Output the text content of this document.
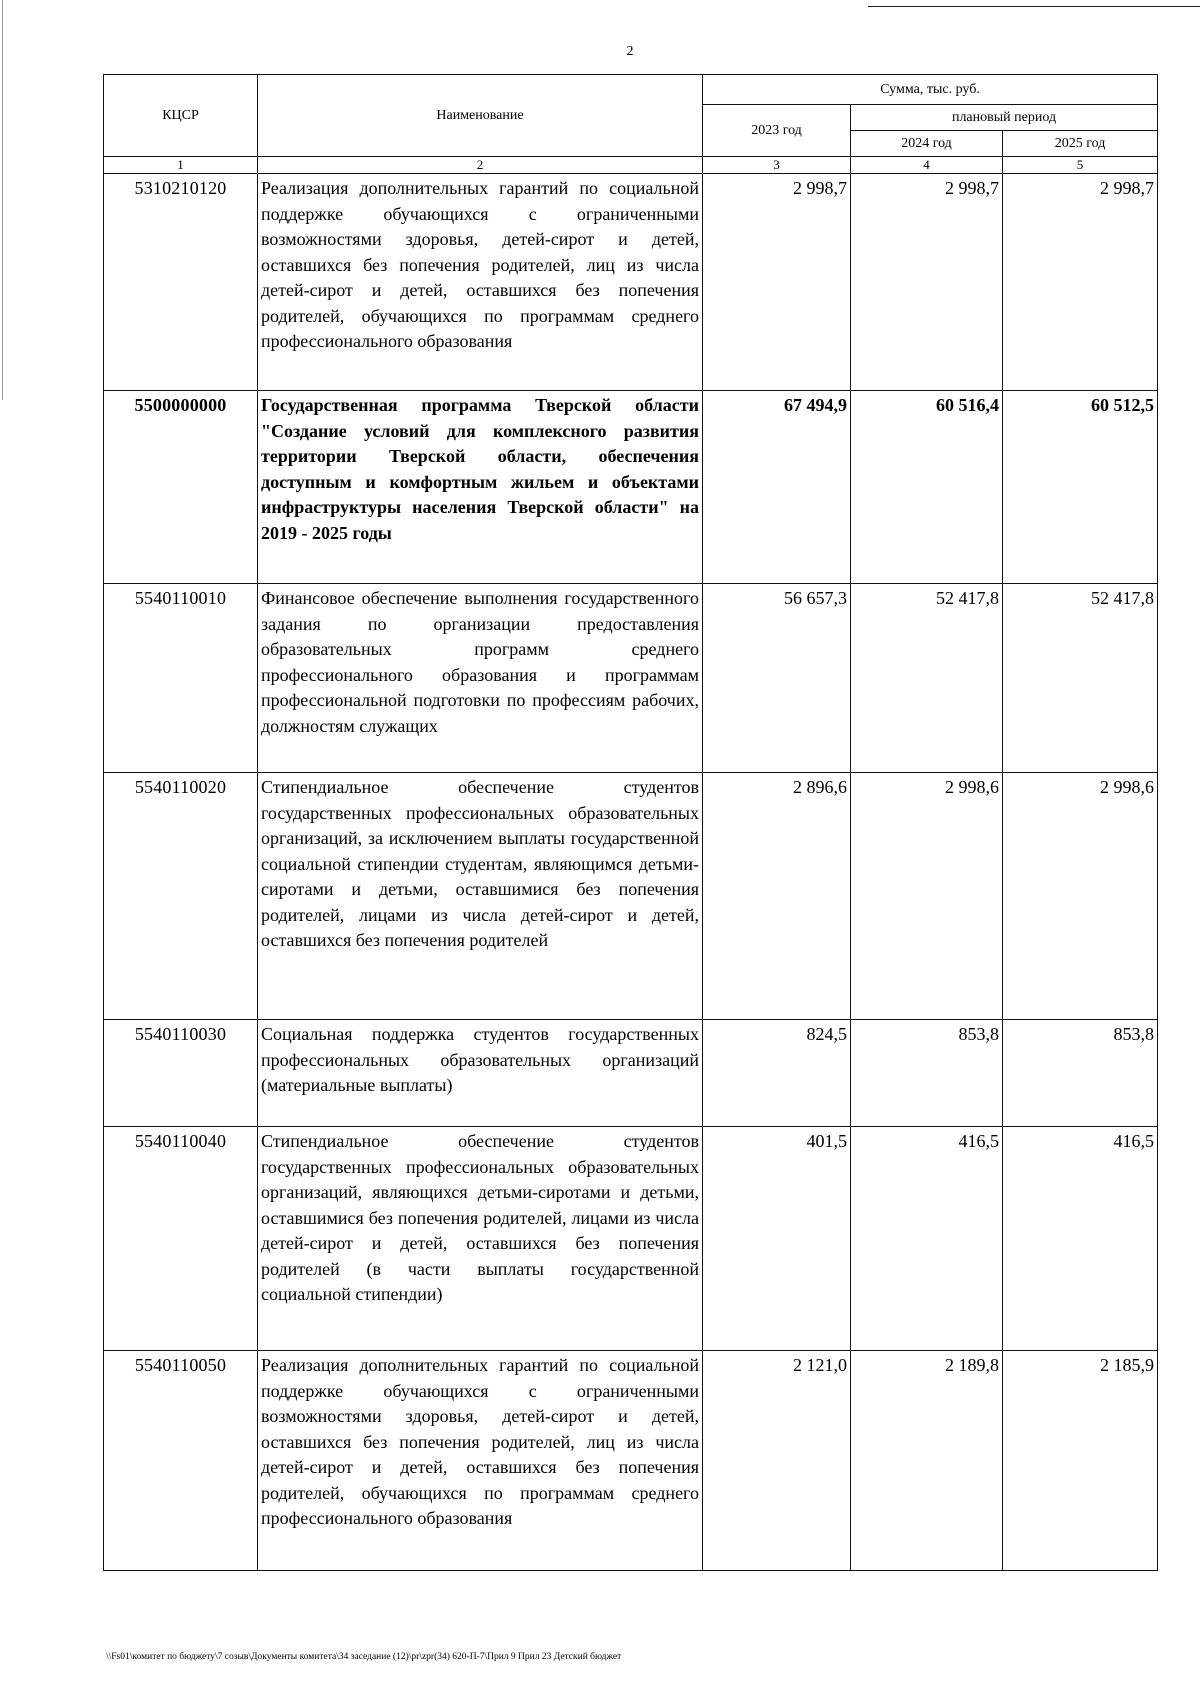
2
КЦСР	Наименование	Сумма, тыс. руб.		
		2023 год	плановый период	
			2024 год	2025 год
1	2	3	4	5
5310210120	Реализация дополнительных гарантий по социальной поддержке обучающихся с ограниченными возможностями здоровья, детей-сирот и детей, оставшихся без попечения родителей, лиц из числа детей-сирот и детей, оставшихся без попечения родителей, обучающихся по программам среднего профессионального образования	2 998,7	2 998,7	2 998,7
5500000000	Государственная программа Тверской области "Создание условий для комплексного развития территории Тверской области, обеспечения доступным и комфортным жильем и объектами инфраструктуры населения Тверской области" на 2019 - 2025 годы	67 494,9	60 516,4	60 512,5
5540110010	Финансовое обеспечение выполнения государственного задания по организации предоставления образовательных программ среднего профессионального образования и программам профессиональной подготовки по профессиям рабочих, должностям служащих	56 657,3	52 417,8	52 417,8
5540110020	Стипендиальное обеспечение студентов государственных профессиональных образовательных организаций, за исключением выплаты государственной социальной стипендии студентам, являющимся детьми-сиротами и детьми, оставшимися без попечения родителей, лицами из числа детей-сирот и детей, оставшихся без попечения родителей	2 896,6	2 998,6	2 998,6
5540110030	Социальная поддержка студентов государственных профессиональных образовательных организаций (материальные выплаты)	824,5	853,8	853,8
5540110040	Стипендиальное обеспечение студентов государственных профессиональных образовательных организаций, являющихся детьми-сиротами и детьми, оставшимися без попечения родителей, лицами из числа детей-сирот и детей, оставшихся без попечения родителей (в части выплаты государственной социальной стипендии)	401,5	416,5	416,5
5540110050	Реализация дополнительных гарантий по социальной поддержке обучающихся с ограниченными возможностями здоровья, детей-сирот и детей, оставшихся без попечения родителей, лиц из числа детей-сирот и детей, оставшихся без попечения родителей, обучающихся по программам среднего профессионального образования	2 121,0	2 189,8	2 185,9
\\Fs01\комитет по бюджету\7 созыв\Документы комитета\34 заседание (12)\pr\zpr(34) 620-П-7\Прил 9 Прил 23 Детский бюджет
